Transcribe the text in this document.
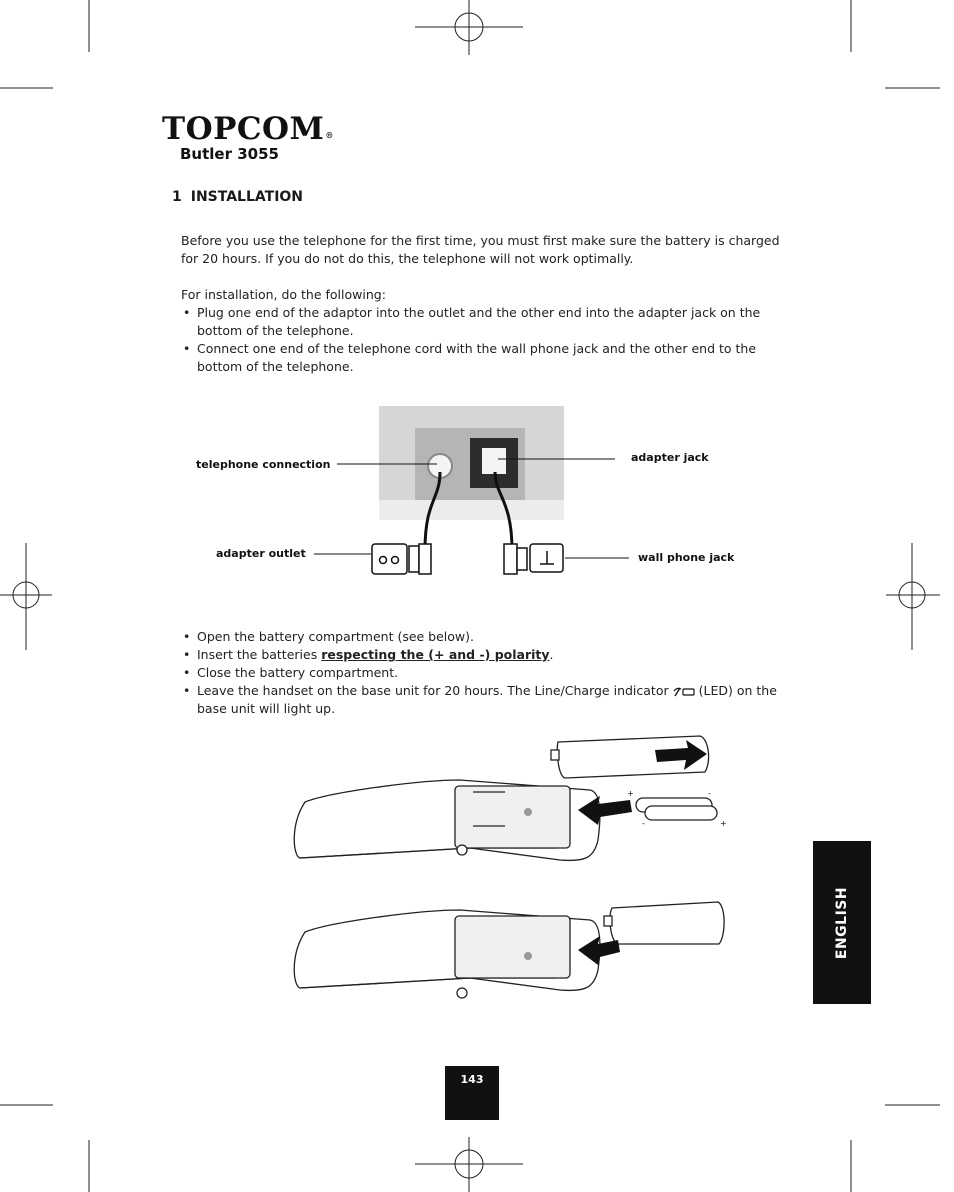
TOPCOM®
Butler 3055
1 INSTALLATION

Before you use the telephone for the first time, you must first make sure the battery is charged for 20 hours. If you do not do this, the telephone will not work optimally.

For installation, do the following:

• Plug one end of the adaptor into the outlet and the other end into the adapter jack on the bottom of the telephone.
• Connect one end of the telephone cord with the wall phone jack and the other end to the bottom of the telephone.
telephone connection
adapter jack
adapter outlet	wall phone jack
• Open the battery compartment (see below).
• Insert the batteries respecting the (+ and -) polarity.
• Close the battery compartment.
• Leave the handset on the base unit for 20 hours. The Line/Charge indicator (LED) on the base unit will light up.
+	-
-	+
ENGLISH
143
